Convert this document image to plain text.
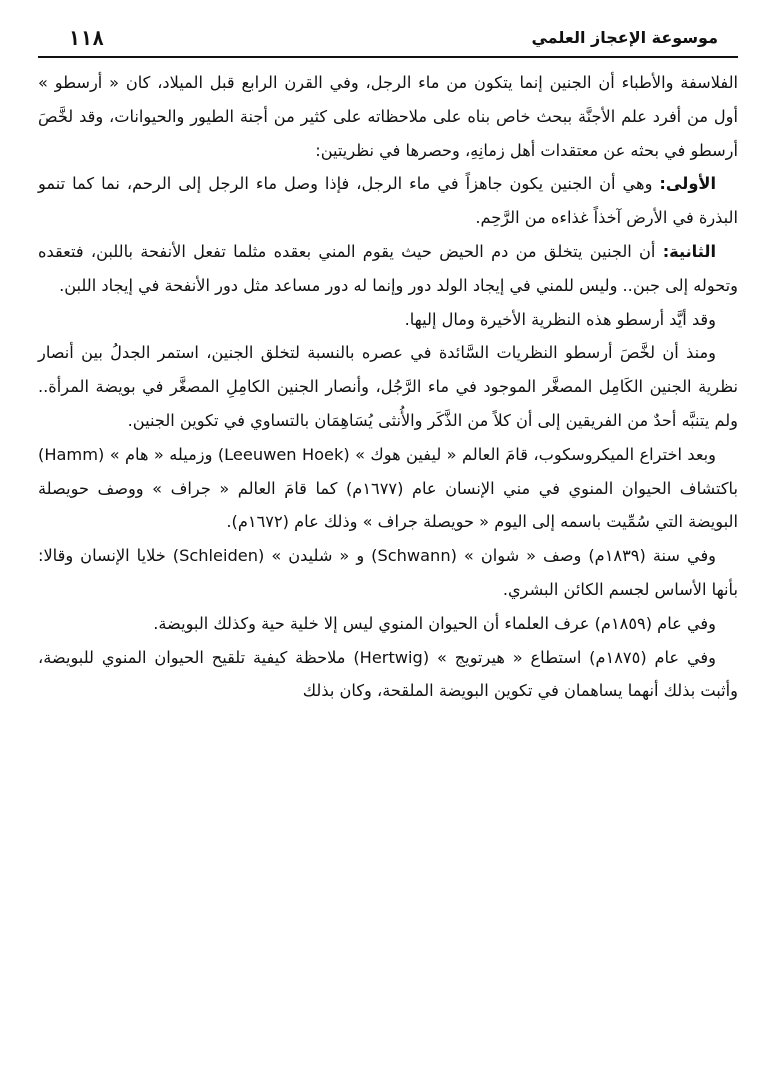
موسوعة الإعجاز العلمي
١١٨

الفلاسفة والأطباء أن الجنين إنما يتكون من ماء الرجل، وفي القرن الرابع قبل الميلاد، كان « أرسطو » أول من أفرد علم الأجنَّة ببحث خاص بناه على ملاحظاته على كثير من أجنة الطيور والحيوانات، وقد لخَّصَ أرسطو في بحثه عن معتقدات أهل زمانِهِ، وحصرها في نظريتين:

الأولى: وهي أن الجنين يكون جاهزاً في ماء الرجل، فإذا وصل ماء الرجل إلى الرحم، نما كما تنمو البذرة في الأرض آخذاً غذاءه من الرَّحِم.

الثانية: أن الجنين يتخلق من دم الحيض حيث يقوم المني بعقده مثلما تفعل الأنفحة باللبن، فتعقده وتحوله إلى جبن.. وليس للمني في إيجاد الولد دور وإنما له دور مساعد مثل دور الأنفحة في إيجاد اللبن.

وقد أيَّد أرسطو هذه النظرية الأخيرة ومال إليها.

ومنذ أن لخَّصَ أرسطو النظريات السَّائدة في عصره بالنسبة لتخلق الجنين، استمر الجدلُ بين أنصار نظرية الجنين الكَامِل المصغَّر الموجود في ماء الرَّجُل، وأنصار الجنين الكامِلِ المصغَّر في بويضة المرأة.. ولم يتنبَّه أحدٌ من الفريقين إلى أن كلاً من الذَّكَر والأُنثى يُسَاهِمَان بالتساوي في تكوين الجنين.

وبعد اختراع الميكروسكوب، قامَ العالم « ليفين هوك » (Leeuwen Hoek) وزميله « هام » (Hamm) باكتشاف الحيوان المنوي في مني الإنسان عام (١٦٧٧م) كما قامَ العالم « جراف » ووصف حويصلة البويضة التي سُمِّيت باسمه إلى اليوم « حويصلة جراف » وذلك عام (١٦٧٢م).

وفي سنة (١٨٣٩م) وصف « شوان » (Schwann) و « شليدن » (Schleiden) خلايا الإنسان وقالا: بأنها الأساس لجسم الكائن البشري.

وفي عام (١٨٥٩م) عرف العلماء أن الحيوان المنوي ليس إلا خلية حية وكذلك البويضة.

وفي عام (١٨٧٥م) استطاع « هيرتويج » (Hertwig) ملاحظة كيفية تلقيح الحيوان المنوي للبويضة، وأثبت بذلك أنهما يساهمان في تكوين البويضة الملقحة، وكان بذلك
